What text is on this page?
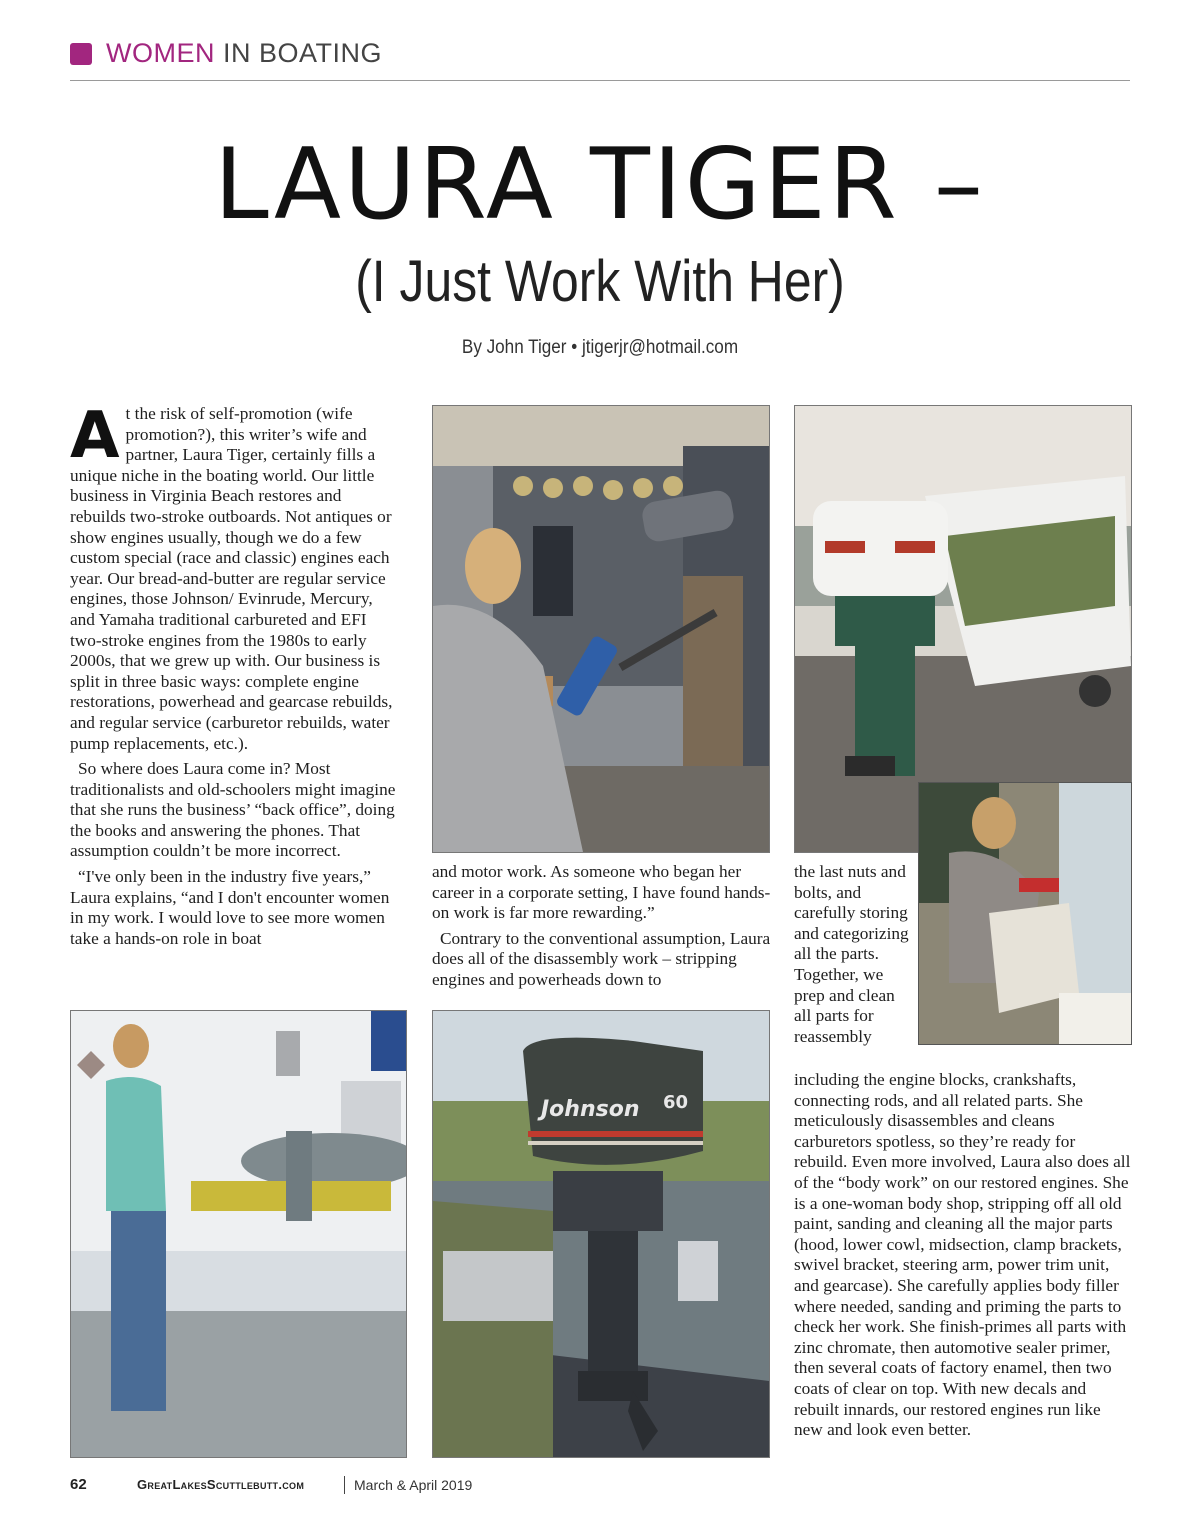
WOMEN IN BOATING
LAURA TIGER –
(I Just Work With Her)
By John Tiger • jtigerjr@hotmail.com

At the risk of self-promotion (wife promotion?), this writer’s wife and partner, Laura Tiger, certainly fills a unique niche in the boating world. Our little business in Virginia Beach restores and rebuilds two-stroke outboards. Not antiques or show engines usually, though we do a few custom special (race and classic) engines each year. Our bread-and-butter are regular service engines, those Johnson/ Evinrude, Mercury, and Yamaha traditional carbureted and EFI two-stroke engines from the 1980s to early 2000s, that we grew up with. Our business is split in three basic ways: complete engine restorations, powerhead and gearcase rebuilds, and regular service (carburetor rebuilds, water pump replacements, etc.).

So where does Laura come in? Most traditionalists and old-schoolers might imagine that she runs the business’ “back office”, doing the books and answering the phones. That assumption couldn’t be more incorrect.

“I've only been in the industry five years,” Laura explains, “and I don't encounter women in my work. I would love to see more women take a hands-on role in boat

and motor work. As someone who began her career in a corporate setting, I have found hands-on work is far more rewarding.”

Contrary to the conventional assumption, Laura does all of the disassembly work – stripping engines and powerheads down to

the last nuts and bolts, and carefully storing and categorizing all the parts. Together, we prep and clean all parts for reassembly

including the engine blocks, crankshafts, connecting rods, and all related parts. She meticulously disassembles and cleans carburetors spotless, so they’re ready for rebuild. Even more involved, Laura also does all of the “body work” on our restored engines. She is a one-woman body shop, stripping off all old paint, sanding and cleaning all the major parts (hood, lower cowl, midsection, clamp brackets, swivel bracket, steering arm, power trim unit, and gearcase). She carefully applies body filler where needed, sanding and priming the parts to check her work. She finish-primes all parts with zinc chromate, then automotive sealer primer, then several coats of factory enamel, then two coats of clear on top. With new decals and rebuilt innards, our restored engines run like new and look even better.

Johnson 60
62	GreatLakesScuttlebutt.com	March & April 2019
